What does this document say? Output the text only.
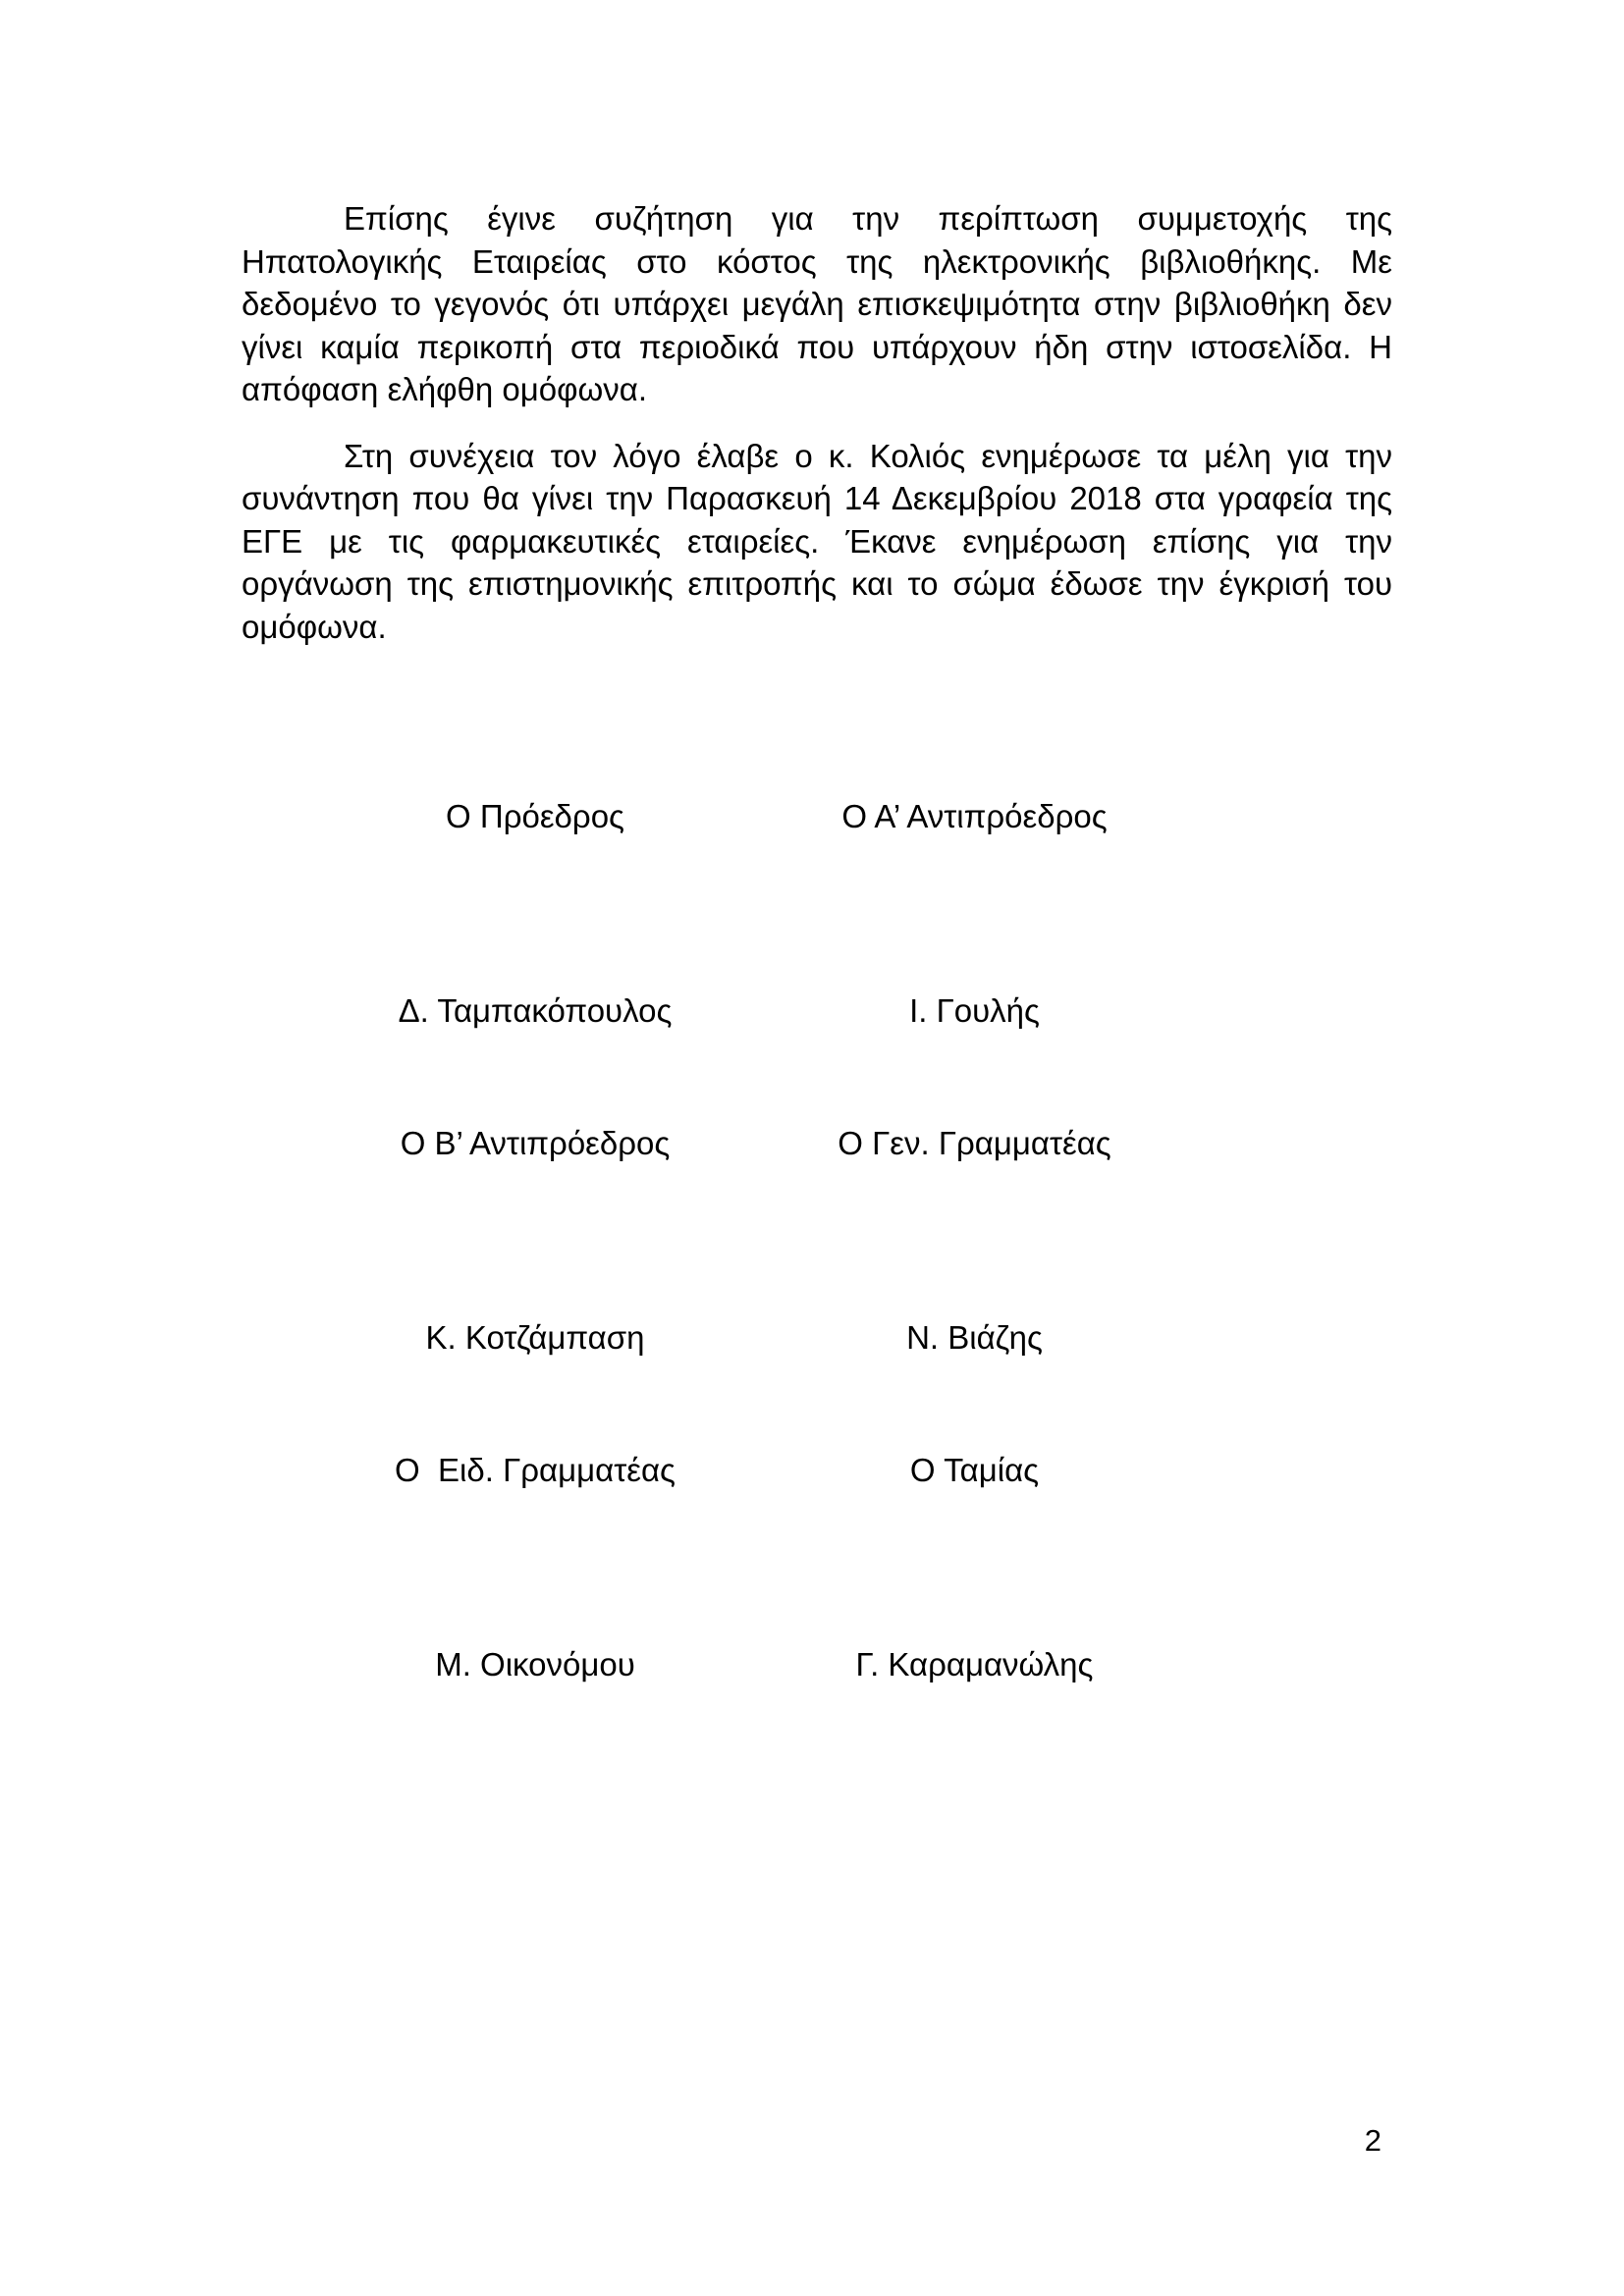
Επίσης έγινε συζήτηση για την περίπτωση συμμετοχής της
Ηπατολογικής Εταιρείας στο κόστος της ηλεκτρονικής βιβλιοθήκης. Με
δεδομένο το γεγονός ότι υπάρχει μεγάλη επισκεψιμότητα στην βιβλιοθήκη δεν
γίνει καμία περικοπή στα περιοδικά που υπάρχουν ήδη στην ιστοσελίδα. Η
απόφαση ελήφθη ομόφωνα.

Στη συνέχεια τον λόγο έλαβε ο κ. Κολιός ενημέρωσε τα μέλη για την
συνάντηση που θα γίνει την Παρασκευή 14 Δεκεμβρίου 2018 στα γραφεία της
ΕΓΕ με τις φαρμακευτικές εταιρείες. Έκανε ενημέρωση επίσης για την
οργάνωση της επιστημονικής επιτροπής και το σώμα έδωσε την έγκρισή του
ομόφωνα.

Ο Πρόεδρος	Ο Α’ Αντιπρόεδρος
Δ. Ταμπακόπουλος	Ι. Γουλής
Ο Β’ Αντιπρόεδρος	Ο Γεν. Γραμματέας
Κ. Κοτζάμπαση	Ν. Βιάζης
Ο  Ειδ. Γραμματέας	Ο Ταμίας
Μ. Οικονόμου	Γ. Καραμανώλης
2
